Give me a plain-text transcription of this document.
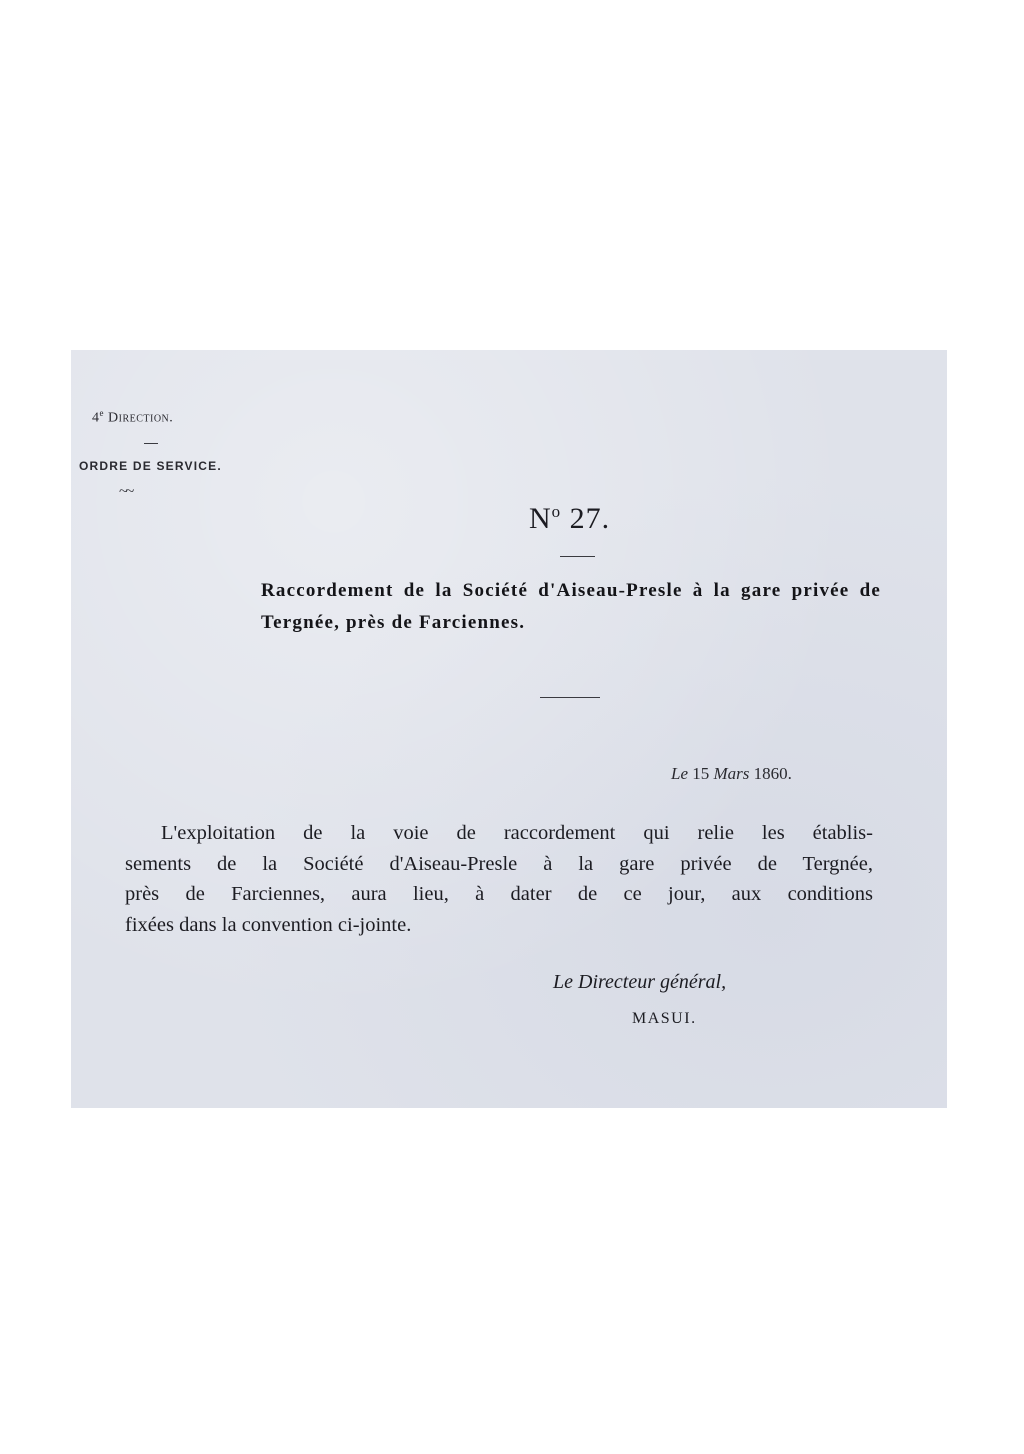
4e Direction.
ORDRE DE SERVICE.
~~
$N^o$ 27.
Raccordement de la Société d'Aiseau-Presle à la gare privée de Tergnée, près de Farciennes.
Le 15 Mars 1860.
L'exploitation de la voie de raccordement qui relie les établis-
sements de la Société d'Aiseau-Presle à la gare privée de Tergnée,
près de Farciennes, aura lieu, à dater de ce jour, aux conditions
fixées dans la convention ci-jointe.
Le Directeur général,
MASUI.
